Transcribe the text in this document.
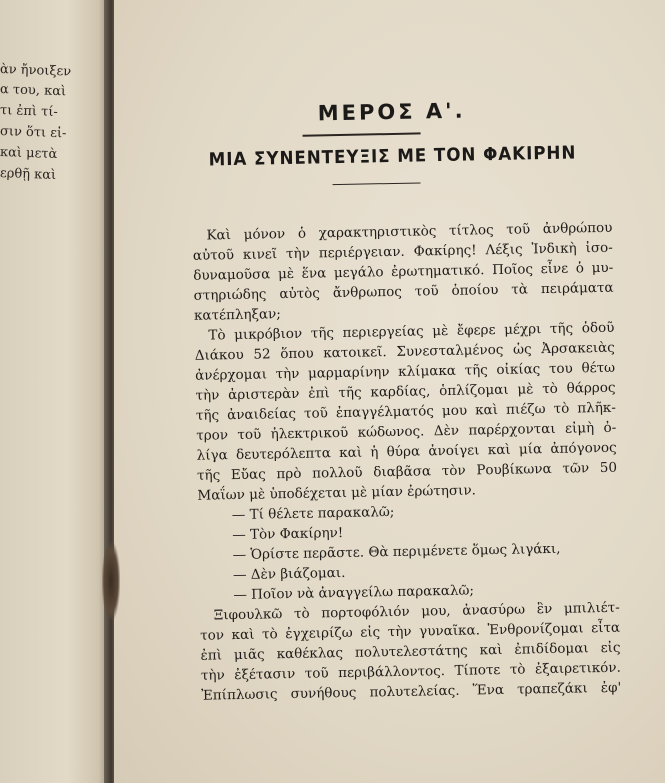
ὰν ἤνοιξεν
α του, καὶ
τι ἐπὶ τί-
σιν ὅτι εἰ-
καὶ μετὰ
ερθῇ καὶ
ΜΕΡΟΣ Α'.
ΜΙΑ ΣΥΝΕΝΤΕΥΞΙΣ ΜΕ ΤΟΝ ΦΑΚΙΡΗΝ
Καὶ μόνον ὁ χαρακτηριστικὸς τίτλος τοῦ ἀνθρώπου
αὐτοῦ κινεῖ τὴν περιέργειαν. Φακίρης! Λέξις Ἰνδικὴ ἰσο-
δυναμοῦσα μὲ ἕνα μεγάλο ἐρωτηματικό. Ποῖος εἶνε ὁ μυ-
στηριώδης αὐτὸς ἄνθρωπος τοῦ ὁποίου τὰ πειράματα
κατέπληξαν;
Τὸ μικρόβιον τῆς περιεργείας μὲ ἔφερε μέχρι τῆς ὁδοῦ
Διάκου 52 ὅπου κατοικεῖ. Συνεσταλμένος ὡς Ἀρσακειὰς
ἀνέρχομαι τὴν μαρμαρίνην κλίμακα τῆς οἰκίας του θέτω
τὴν ἀριστερὰν ἐπὶ τῆς καρδίας, ὁπλίζομαι μὲ τὸ θάρρος
τῆς ἀναιδείας τοῦ ἐπαγγέλματός μου καὶ πιέζω τὸ πλῆκ-
τρον τοῦ ἠλεκτρικοῦ κώδωνος. Δὲν παρέρχονται εἰμὴ ὀ-
λίγα δευτερόλεπτα καὶ ἡ θύρα ἀνοίγει καὶ μία ἀπόγονος
τῆς Εὔας πρὸ πολλοῦ διαβᾶσα τὸν Ρουβίκωνα τῶν 50
Μαΐων μὲ ὑποδέχεται μὲ μίαν ἐρώτησιν.
— Τί θέλετε παρακαλῶ;
— Τὸν Φακίρην!
— Ὁρίστε περᾶστε. Θὰ περιμένετε ὅμως λιγάκι,
— Δὲν βιάζομαι.
— Ποῖον νὰ ἀναγγείλω παρακαλῶ;
Ξιφουλκῶ τὸ πορτοφόλιόν μου, ἀνασύρω ἓν μπιλιέτ-
τον καὶ τὸ ἐγχειρίζω εἰς τὴν γυναῖκα. Ἐνθρονίζομαι εἶτα
ἐπὶ μιᾶς καθέκλας πολυτελεστάτης καὶ ἐπιδίδομαι εἰς
τὴν ἐξέτασιν τοῦ περιβάλλοντος. Τίποτε τὸ ἐξαιρετικόν.
Ἐπίπλωσις συνήθους πολυτελείας. Ἕνα τραπεζάκι ἐφ'
